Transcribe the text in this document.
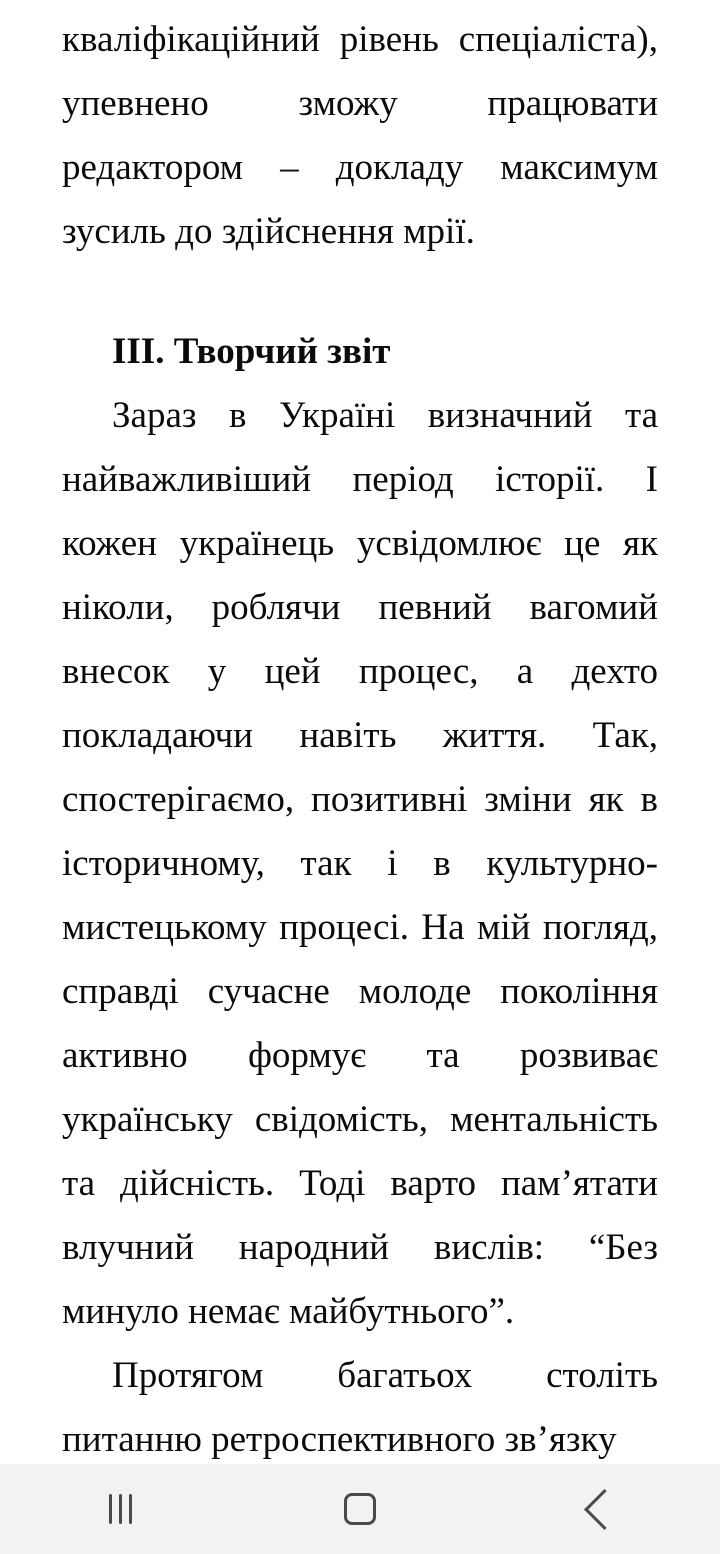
кваліфікаційний рівень спеціаліста), упевнено зможу працювати редактором – докладу максимум зусиль до здійснення мрії.

III. Творчий звіт

Зараз в Україні визначний та найважливіший період історії. І кожен українець усвідомлює це як ніколи, роблячи певний вагомий внесок у цей процес, а дехто покладаючи навіть життя. Так, спостерігаємо, позитивні зміни як в історичному, так і в культурно-мистецькому процесі. На мій погляд, справді сучасне молоде покоління активно формує та розвиває українську свідомість, ментальність та дійсність. Тоді варто пам’ятати влучний народний вислів: “Без минуло немає майбутнього”.

Протягом багатьох століть питанню ретроспективного зв’язку
